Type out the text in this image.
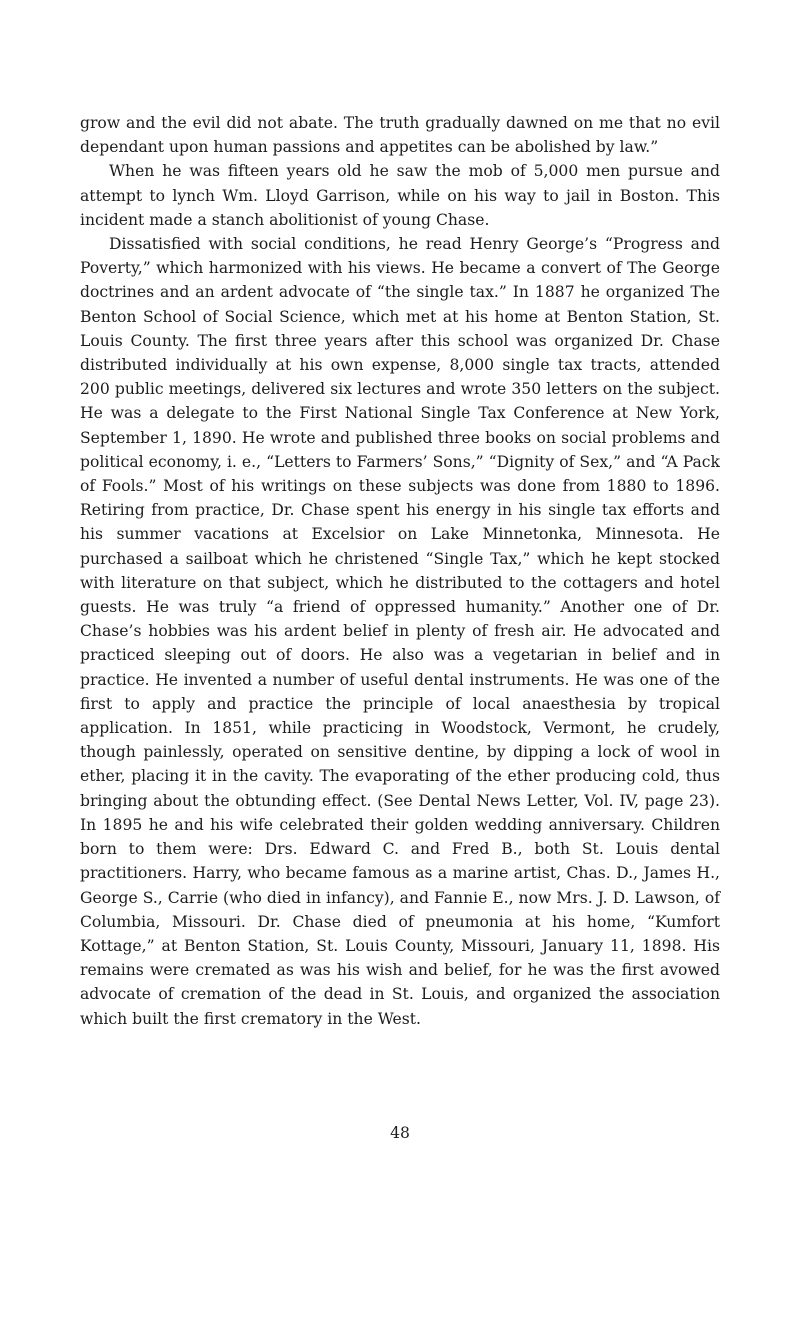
grow and the evil did not abate. The truth gradually dawned on me that no evil dependant upon human passions and appetites can be abolished by law.”

When he was fifteen years old he saw the mob of 5,000 men pursue and attempt to lynch Wm. Lloyd Garrison, while on his way to jail in Boston. This incident made a stanch abolitionist of young Chase.

Dissatisfied with social conditions, he read Henry George’s “Progress and Poverty,” which harmonized with his views. He became a convert of The George doctrines and an ardent advocate of “the single tax.” In 1887 he organized The Benton School of Social Science, which met at his home at Benton Station, St. Louis County. The first three years after this school was organized Dr. Chase distributed individually at his own expense, 8,000 single tax tracts, attended 200 public meetings, delivered six lectures and wrote 350 letters on the subject. He was a delegate to the First National Single Tax Conference at New York, September 1, 1890. He wrote and published three books on social problems and political economy, i. e., “Letters to Farmers’ Sons,” “Dignity of Sex,” and “A Pack of Fools.” Most of his writings on these subjects was done from 1880 to 1896. Retiring from practice, Dr. Chase spent his energy in his single tax efforts and his summer vacations at Excelsior on Lake Minnetonka, Minnesota. He purchased a sailboat which he christened “Single Tax,” which he kept stocked with literature on that subject, which he distributed to the cottagers and hotel guests. He was truly “a friend of oppressed humanity.” Another one of Dr. Chase’s hobbies was his ardent belief in plenty of fresh air. He advocated and practiced sleeping out of doors. He also was a vegetarian in belief and in practice. He invented a number of useful dental instruments. He was one of the first to apply and practice the principle of local anaesthesia by tropical application. In 1851, while practicing in Woodstock, Vermont, he crudely, though painlessly, operated on sensitive dentine, by dipping a lock of wool in ether, placing it in the cavity. The evaporating of the ether producing cold, thus bringing about the obtunding effect. (See Dental News Letter, Vol. IV, page 23). In 1895 he and his wife celebrated their golden wedding anniversary. Children born to them were: Drs. Edward C. and Fred B., both St. Louis dental practitioners. Harry, who became famous as a marine artist, Chas. D., James H., George S., Carrie (who died in infancy), and Fannie E., now Mrs. J. D. Lawson, of Columbia, Missouri. Dr. Chase died of pneumonia at his home, “Kumfort Kottage,” at Benton Station, St. Louis County, Missouri, January 11, 1898. His remains were cremated as was his wish and belief, for he was the first avowed advocate of cremation of the dead in St. Louis, and organized the association which built the first crematory in the West.

48
